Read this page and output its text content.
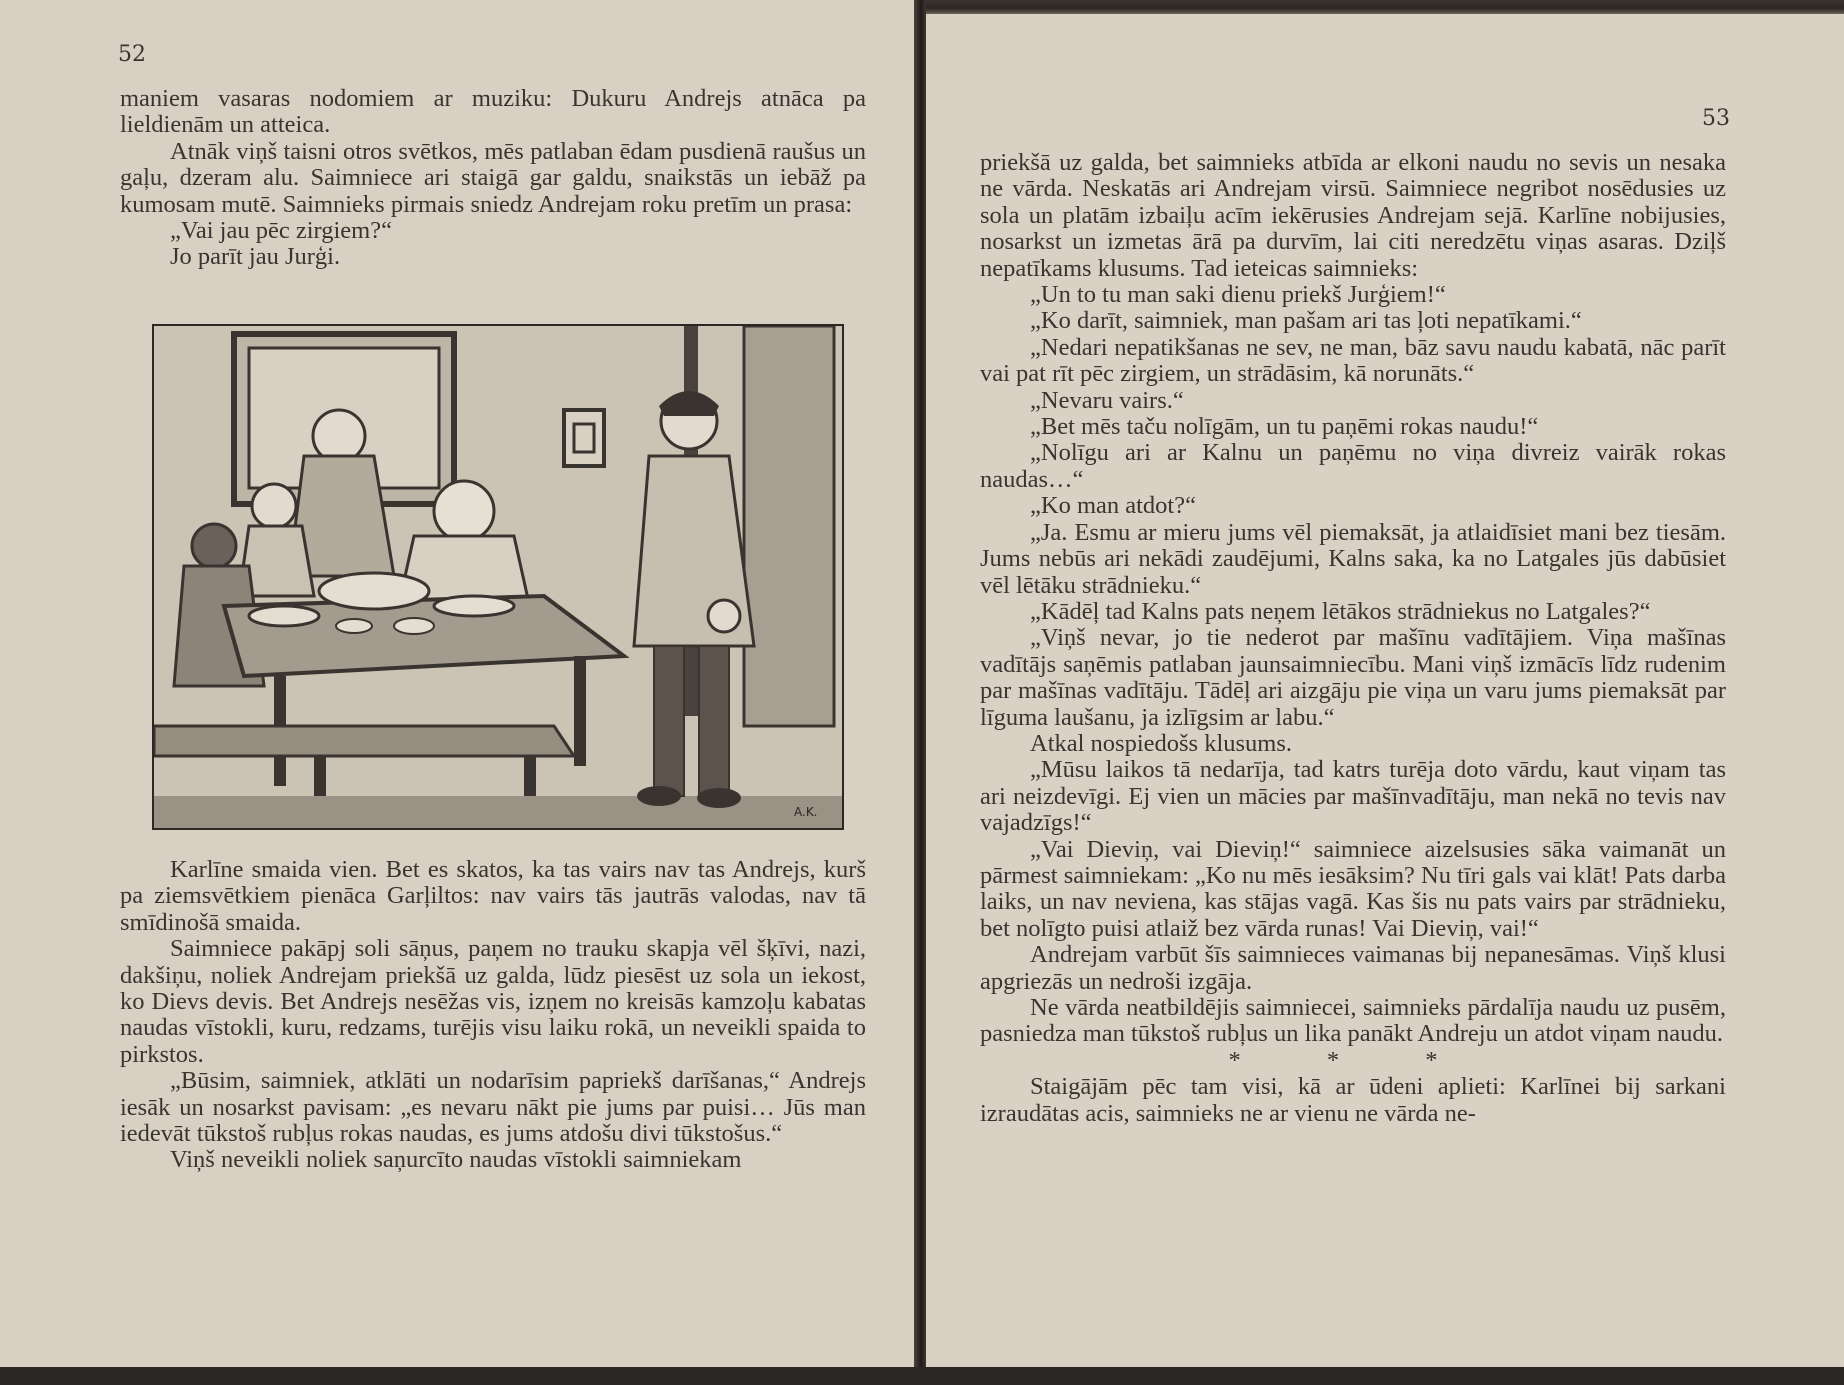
52

maniem vasaras nodomiem ar muziku: Dukuru Andrejs atnāca pa lieldienām un atteica.

Atnāk viņš taisni otros svētkos, mēs patlaban ēdam pusdienā raušus un gaļu, dzeram alu. Saimniece ari staigā gar galdu, snaikstās un iebāž pa kumosam mutē. Saimnieks pirmais sniedz Andrejam roku pretīm un prasa:

„Vai jau pēc zirgiem?“

Jo parīt jau Jurģi.

A.K.

Karlīne smaida vien. Bet es skatos, ka tas vairs nav tas Andrejs, kurš pa ziemsvētkiem pienāca Garļiltos: nav vairs tās jautrās valodas, nav tā smīdinošā smaida.

Saimniece pakāpj soli sāņus, paņem no trauku skapja vēl šķīvi, nazi, dakšiņu, noliek Andrejam priekšā uz galda, lūdz piesēst uz sola un iekost, ko Dievs devis. Bet Andrejs nesēžas vis, izņem no kreisās kamzoļu kabatas naudas vīstokli, kuru, redzams, turējis visu laiku rokā, un neveikli spaida to pirkstos.

„Būsim, saimniek, atklāti un nodarīsim papriekš darīšanas,“ Andrejs iesāk un nosarkst pavisam: „es nevaru nākt pie jums par puisi… Jūs man iedevāt tūkstoš rubļus rokas naudas, es jums atdošu divi tūkstošus.“

Viņš neveikli noliek saņurcīto naudas vīstokli saimniekam

53

priekšā uz galda, bet saimnieks atbīda ar elkoni naudu no sevis un nesaka ne vārda. Neskatās ari Andrejam virsū. Saimniece negribot nosēdusies uz sola un platām izbaiļu acīm iekērusies Andrejam sejā. Karlīne nobijusies, nosarkst un izmetas ārā pa durvīm, lai citi neredzētu viņas asaras. Dziļš nepatīkams klusums. Tad ieteicas saimnieks:

„Un to tu man saki dienu priekš Jurģiem!“

„Ko darīt, saimniek, man pašam ari tas ļoti nepatīkami.“

„Nedari nepatikšanas ne sev, ne man, bāz savu naudu kabatā, nāc parīt vai pat rīt pēc zirgiem, un strādāsim, kā norunāts.“

„Nevaru vairs.“

„Bet mēs taču nolīgām, un tu paņēmi rokas naudu!“

„Nolīgu ari ar Kalnu un paņēmu no viņa divreiz vairāk rokas naudas…“

„Ko man atdot?“

„Ja. Esmu ar mieru jums vēl piemaksāt, ja atlaidīsiet mani bez tiesām. Jums nebūs ari nekādi zaudējumi, Kalns saka, ka no Latgales jūs dabūsiet vēl lētāku strādnieku.“

„Kādēļ tad Kalns pats neņem lētākos strādniekus no Latgales?“

„Viņš nevar, jo tie nederot par mašīnu vadītājiem. Viņa mašīnas vadītājs saņēmis patlaban jaunsaimniecību. Mani viņš izmācīs līdz rudenim par mašīnas vadītāju. Tādēļ ari aizgāju pie viņa un varu jums piemaksāt par līguma laušanu, ja izlīgsim ar labu.“

Atkal nospiedošs klusums.

„Mūsu laikos tā nedarīja, tad katrs turēja doto vārdu, kaut viņam tas ari neizdevīgi. Ej vien un mācies par mašīnvadītāju, man nekā no tevis nav vajadzīgs!“

„Vai Dieviņ, vai Dieviņ!“ saimniece aizelsusies sāka vaimanāt un pārmest saimniekam: „Ko nu mēs iesāksim? Nu tīri gals vai klāt! Pats darba laiks, un nav neviena, kas stājas vagā. Kas šis nu pats vairs par strādnieku, bet nolīgto puisi atlaiž bez vārda runas! Vai Dieviņ, vai!“

Andrejam varbūt šīs saimnieces vaimanas bij nepanesāmas. Viņš klusi apgriezās un nedroši izgāja.

Ne vārda neatbildējis saimniecei, saimnieks pārdalīja naudu uz pusēm, pasniedza man tūkstoš rubļus un lika panākt Andreju un atdot viņam naudu.

* * *

Staigājām pēc tam visi, kā ar ūdeni aplieti: Karlīnei bij sarkani izraudātas acis, saimnieks ne ar vienu ne vārda ne-
